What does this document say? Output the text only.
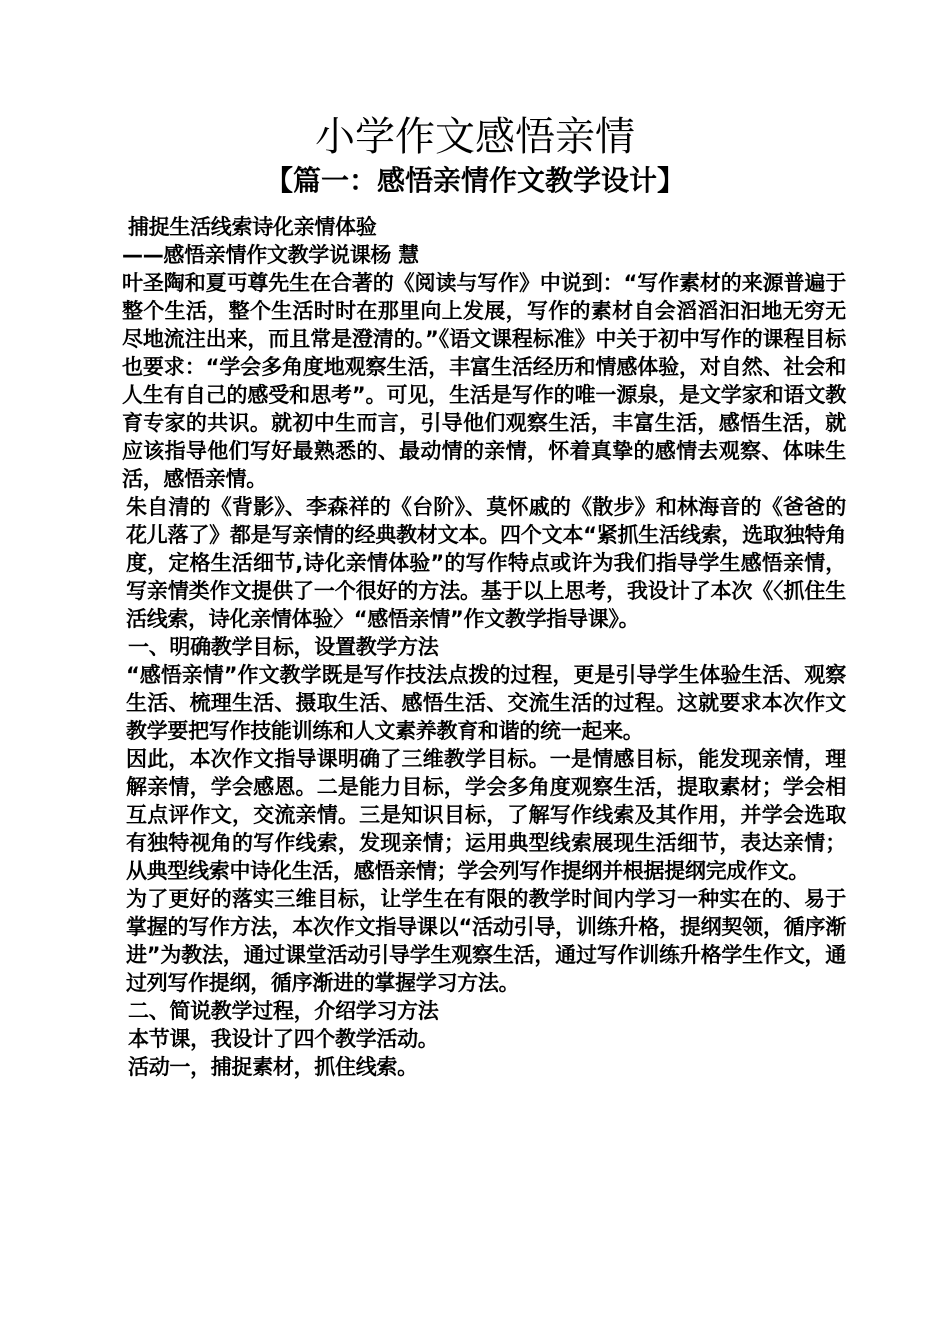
小学作文感悟亲情
【篇一：感悟亲情作文教学设计】

捕捉生活线索诗化亲情体验

——感悟亲情作文教学说课杨 慧

叶圣陶和夏丏尊先生在合著的《阅读与写作》中说到：“写作素材的来源普遍于整个生活，整个生活时时在那里向上发展，写作的素材自会滔滔汩汩地无穷无尽地流注出来，而且常是澄清的。”《语文课程标准》中关于初中写作的课程目标也要求：“学会多角度地观察生活，丰富生活经历和情感体验，对自然、社会和人生有自己的感受和思考”。可见，生活是写作的唯一源泉，是文学家和语文教育专家的共识。就初中生而言，引导他们观察生活，丰富生活，感悟生活，就应该指导他们写好最熟悉的、最动情的亲情，怀着真挚的感情去观察、体味生活，感悟亲情。

朱自清的《背影》、李森祥的《台阶》、莫怀戚的《散步》和林海音的《爸爸的花儿落了》都是写亲情的经典教材文本。四个文本“紧抓生活线索，选取独特角度，定格生活细节,诗化亲情体验”的写作特点或许为我们指导学生感悟亲情，写亲情类作文提供了一个很好的方法。基于以上思考，我设计了本次《〈抓住生活线索，诗化亲情体验〉“感悟亲情”作文教学指导课》。

一、明确教学目标，设置教学方法

“感悟亲情”作文教学既是写作技法点拨的过程，更是引导学生体验生活、观察生活、梳理生活、摄取生活、感悟生活、交流生活的过程。这就要求本次作文教学要把写作技能训练和人文素养教育和谐的统一起来。

因此，本次作文指导课明确了三维教学目标。一是情感目标，能发现亲情，理解亲情，学会感恩。二是能力目标，学会多角度观察生活，提取素材；学会相互点评作文，交流亲情。三是知识目标，了解写作线索及其作用，并学会选取有独特视角的写作线索，发现亲情；运用典型线索展现生活细节，表达亲情；从典型线索中诗化生活，感悟亲情；学会列写作提纲并根据提纲完成作文。

为了更好的落实三维目标，让学生在有限的教学时间内学习一种实在的、易于掌握的写作方法，本次作文指导课以“活动引导，训练升格，提纲契领，循序渐进”为教法，通过课堂活动引导学生观察生活，通过写作训练升格学生作文，通过列写作提纲，循序渐进的掌握学习方法。

二、简说教学过程，介绍学习方法

本节课，我设计了四个教学活动。

活动一，捕捉素材，抓住线索。
